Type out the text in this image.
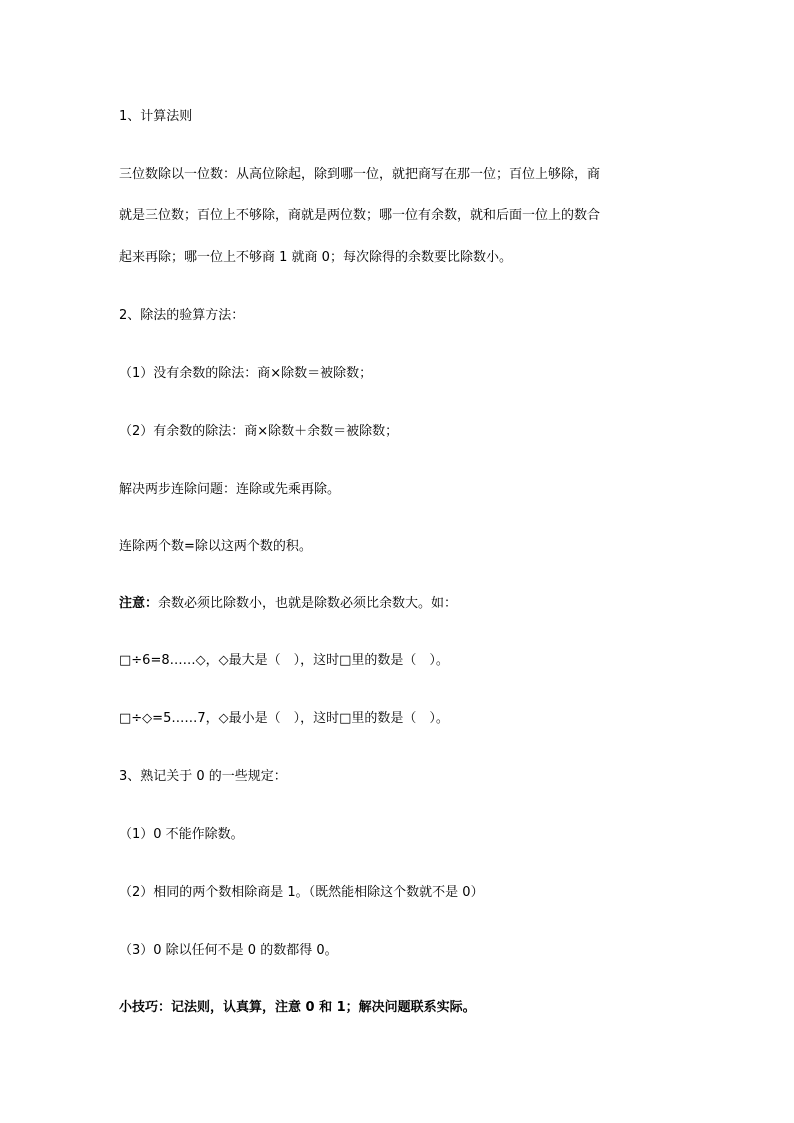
1、计算法则
三位数除以一位数：从高位除起，除到哪一位，就把商写在那一位；百位上够除，商
就是三位数；百位上不够除，商就是两位数；哪一位有余数，就和后面一位上的数合
起来再除；哪一位上不够商 1 就商 0；每次除得的余数要比除数小。
2、除法的验算方法：
（1）没有余数的除法：商×除数＝被除数；
（2）有余数的除法：商×除数＋余数＝被除数；
解决两步连除问题：连除或先乘再除。
连除两个数=除以这两个数的积。
注意：余数必须比除数小，也就是除数必须比余数大。如：
□÷6=8……◇，◇最大是（　），这时□里的数是（　）。
□÷◇=5……7，◇最小是（　），这时□里的数是（　）。
3、熟记关于 0 的一些规定：
（1）0 不能作除数。
（2）相同的两个数相除商是 1。（既然能相除这个数就不是 0）
（3）0 除以任何不是 0 的数都得 0。
小技巧：记法则，认真算，注意 0 和 1；解决问题联系实际。
